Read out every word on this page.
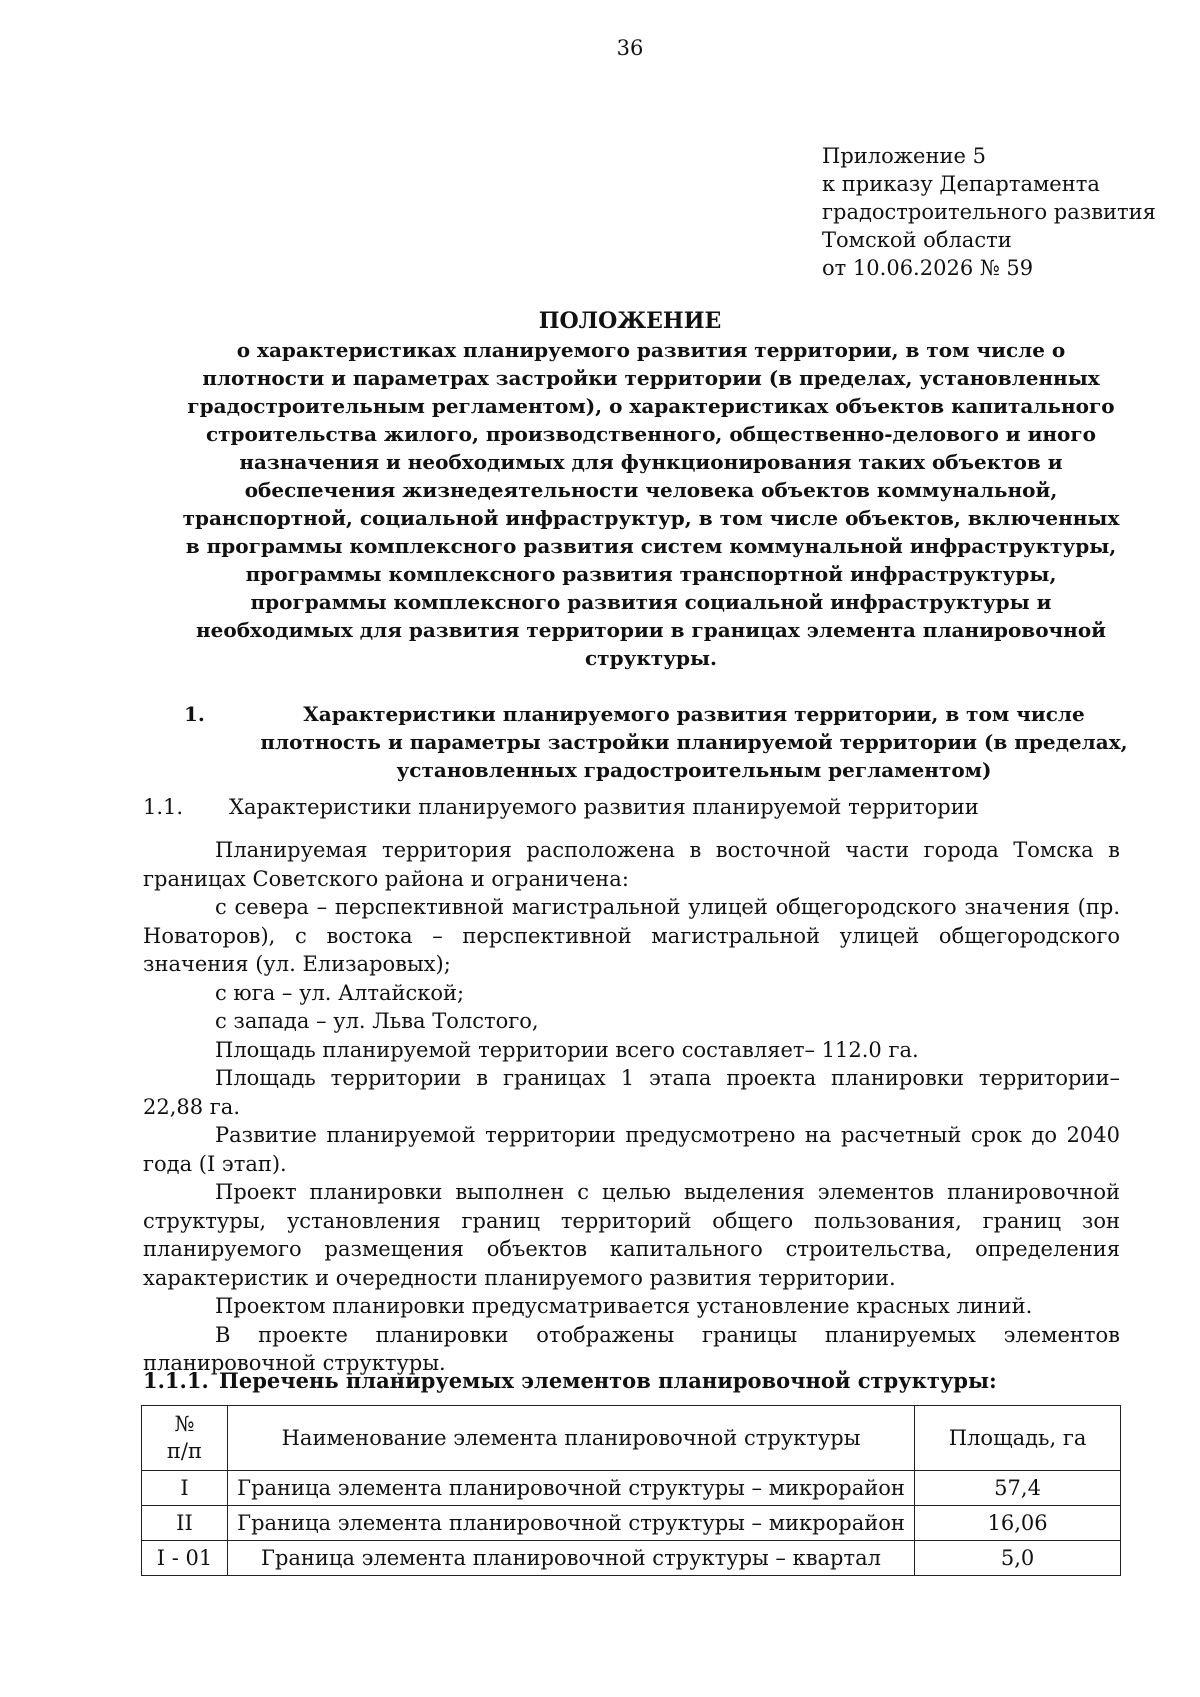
36
Приложение 5
к приказу Департамента
градостроительного развития
Томской области
от 10.06.2026 № 59
ПОЛОЖЕНИЕ
о характеристиках планируемого развития территории, в том числе о плотности и параметрах застройки территории (в пределах, установленных градостроительным регламентом), о характеристиках объектов капитального строительства жилого, производственного, общественно-делового и иного назначения и необходимых для функционирования таких объектов и обеспечения жизнедеятельности человека объектов коммунальной, транспортной, социальной инфраструктур, в том числе объектов, включенных в программы комплексного развития систем коммунальной инфраструктуры, программы комплексного развития транспортной инфраструктуры, программы комплексного развития социальной инфраструктуры и необходимых для развития территории в границах элемента планировочной структуры.
1.	Характеристики планируемого развития территории, в том числе плотность и параметры застройки планируемой территории (в пределах, установленных градостроительным регламентом)
1.1. Характеристики планируемого развития планируемой территории

Планируемая территория расположена в восточной части города Томска в границах Советского района и ограничена:

с севера – перспективной магистральной улицей общегородского значения (пр. Новаторов), с востока – перспективной магистральной улицей общегородского значения (ул. Елизаровых);

с юга – ул. Алтайской;

с запада – ул. Льва Толстого,

Площадь планируемой территории всего составляет– 112.0 га.

Площадь территории в границах 1 этапа проекта планировки территории– 22,88 га.

Развитие планируемой территории предусмотрено на расчетный срок до 2040 года (I этап).

Проект планировки выполнен с целью выделения элементов планировочной структуры, установления границ территорий общего пользования, границ зон планируемого размещения объектов капитального строительства, определения характеристик и очередности планируемого развития территории.

Проектом планировки предусматривается установление красных линий.

В проекте планировки отображены границы планируемых элементов планировочной структуры.

1.1.1. Перечень планируемых элементов планировочной структуры:
№
п/п	Наименование элемента планировочной структуры	Площадь, га
I	Граница элемента планировочной структуры – микрорайон	57,4
II	Граница элемента планировочной структуры – микрорайон	16,06
I - 01	Граница элемента планировочной структуры – квартал	5,0
